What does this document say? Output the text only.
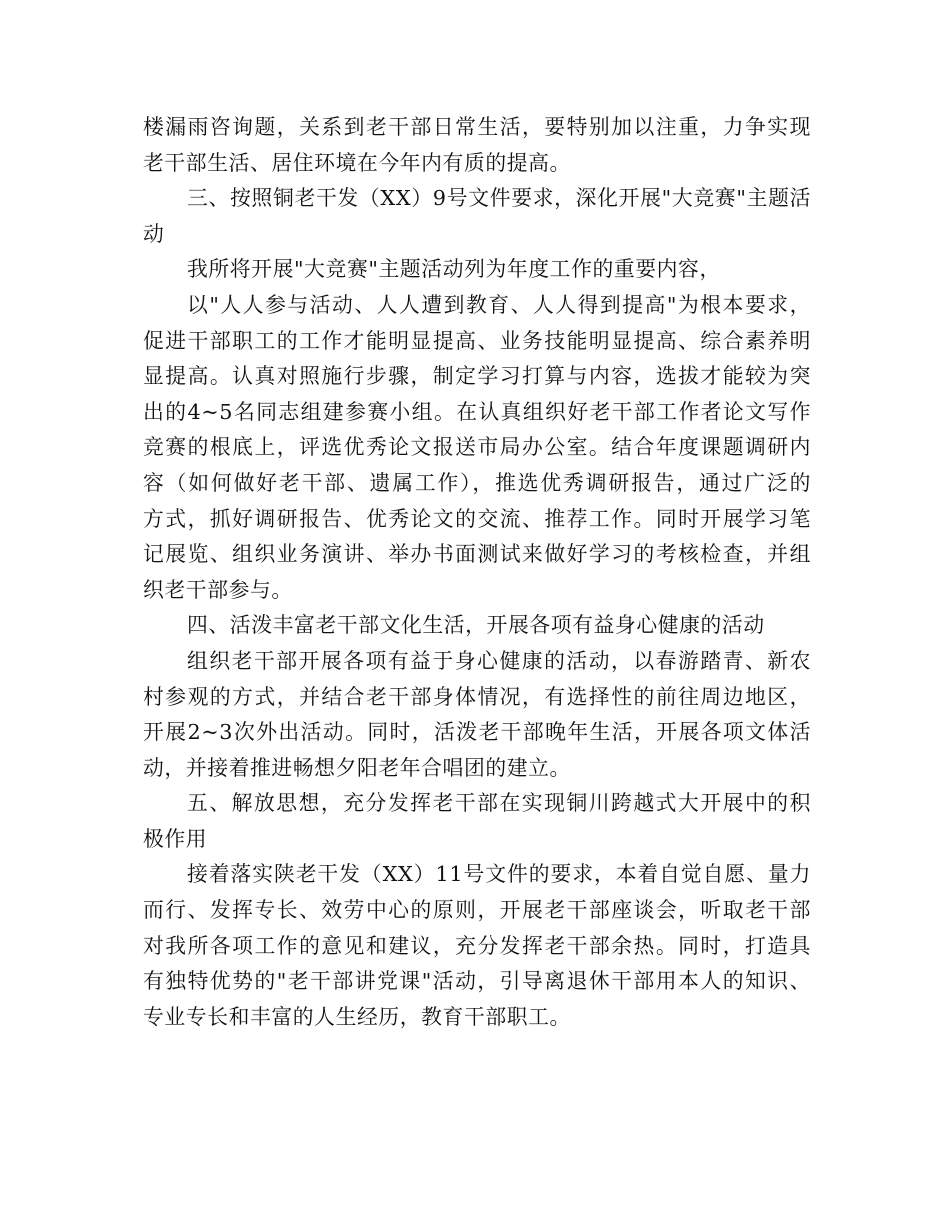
楼漏雨咨询题，关系到老干部日常生活，要特别加以注重，力争实现
老干部生活、居住环境在今年内有质的提高。
三、按照铜老干发（XX）9号文件要求，深化开展"大竞赛"主题活
动
我所将开展"大竞赛"主题活动列为年度工作的重要内容，
以"人人参与活动、人人遭到教育、人人得到提高"为根本要求，
促进干部职工的工作才能明显提高、业务技能明显提高、综合素养明
显提高。认真对照施行步骤，制定学习打算与内容，选拔才能较为突
出的4~5名同志组建参赛小组。在认真组织好老干部工作者论文写作
竞赛的根底上，评选优秀论文报送市局办公室。结合年度课题调研内
容（如何做好老干部、遗属工作），推选优秀调研报告，通过广泛的
方式，抓好调研报告、优秀论文的交流、推荐工作。同时开展学习笔
记展览、组织业务演讲、举办书面测试来做好学习的考核检查，并组
织老干部参与。
四、活泼丰富老干部文化生活，开展各项有益身心健康的活动
组织老干部开展各项有益于身心健康的活动，以春游踏青、新农
村参观的方式，并结合老干部身体情况，有选择性的前往周边地区，
开展2~3次外出活动。同时，活泼老干部晚年生活，开展各项文体活
动，并接着推进畅想夕阳老年合唱团的建立。
五、解放思想，充分发挥老干部在实现铜川跨越式大开展中的积
极作用
接着落实陕老干发（XX）11号文件的要求，本着自觉自愿、量力
而行、发挥专长、效劳中心的原则，开展老干部座谈会，听取老干部
对我所各项工作的意见和建议，充分发挥老干部余热。同时，打造具
有独特优势的"老干部讲党课"活动，引导离退休干部用本人的知识、
专业专长和丰富的人生经历，教育干部职工。
